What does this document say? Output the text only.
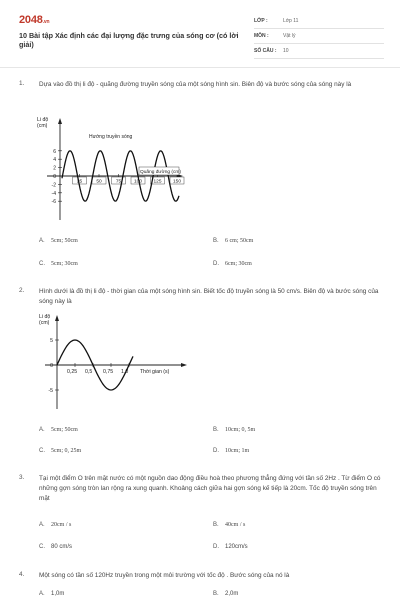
2048.vn
10 Bài tập Xác định các đại lượng đặc trưng của sóng cơ (có lời giải)
LỚP :	Lớp 11
MÔN :	Vật lý
SỐ CÂU : 10
1. Dựa vào đồ thị li độ - quãng đường truyền sóng của một sóng hình sin. Biên độ và bước sóng của sóng này là
Li độ
(cm)
6
4
2
0
-2
-4
-6
25	50	75	100 125 150
Hướng truyền sóng
Quãng đường (cm)
A. 5cm; 50cm	B. 6 cm; 50cm
C. 5cm; 30cm	D. 6cm; 30cm
2. Hình dưới là đồ thị li độ - thời gian của một sóng hình sin. Biết tốc độ truyền sóng là 50 cm/s. Biên độ và bước sóng của sóng này là
Li độ
(cm)
5
0
-5
0,25 0,5 0,75 1,0 Thời gian (s)
A. 5cm; 50cm	B. 10cm; 0, 5m
C. 5cm; 0, 25m	D. 10cm; 1m
3. Tại một điểm O trên mặt nước có một nguồn dao động điều hoà theo phương thẳng đứng với tần số 2Hz . Từ điểm O có những gợn sóng tròn lan rộng ra xung quanh. Khoảng cách giữa hai gợn sóng kế tiếp là 20cm. Tốc độ truyền sóng trên mặt
A. 20cm / s	B. 40cm / s
C. 80 cm/s	D. 120cm/s
4. Một sóng có tần số 120Hz truyền trong một môi trường với tốc độ . Bước sóng của nó là
A. 1,0m	B. 2,0m
